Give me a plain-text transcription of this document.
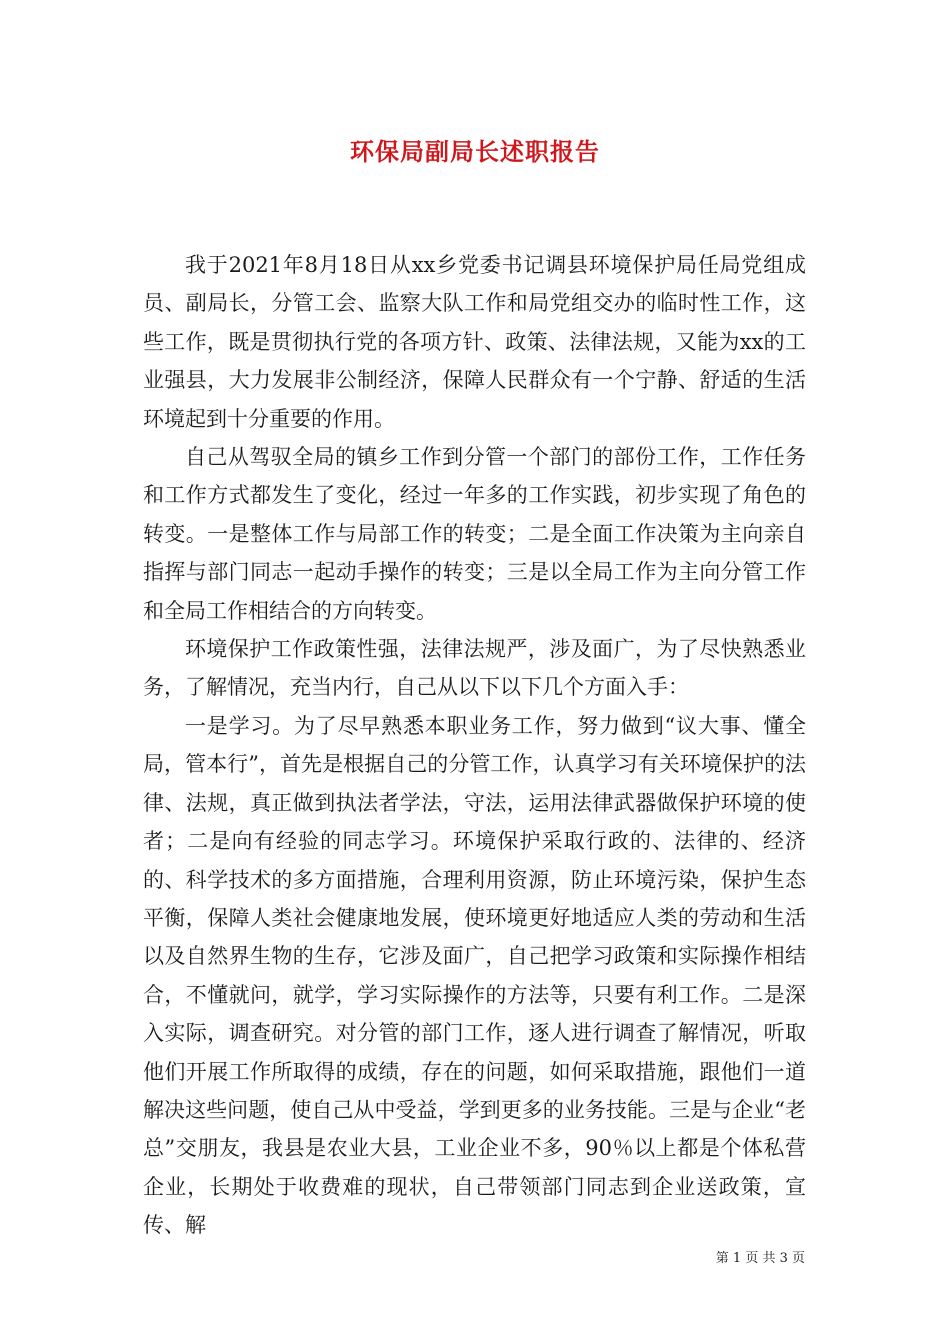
环保局副局长述职报告

我于2021年8月18日从xx乡党委书记调县环境保护局任局党组成员、副局长，分管工会、监察大队工作和局党组交办的临时性工作，这些工作，既是贯彻执行党的各项方针、政策、法律法规，又能为xx的工业强县，大力发展非公制经济，保障人民群众有一个宁静、舒适的生活环境起到十分重要的作用。

自己从驾驭全局的镇乡工作到分管一个部门的部份工作，工作任务和工作方式都发生了变化，经过一年多的工作实践，初步实现了角色的转变。一是整体工作与局部工作的转变；二是全面工作决策为主向亲自指挥与部门同志一起动手操作的转变；三是以全局工作为主向分管工作和全局工作相结合的方向转变。

环境保护工作政策性强，法律法规严，涉及面广，为了尽快熟悉业务，了解情况，充当内行，自己从以下以下几个方面入手：

一是学习。为了尽早熟悉本职业务工作，努力做到“议大事、懂全局，管本行”，首先是根据自己的分管工作，认真学习有关环境保护的法律、法规，真正做到执法者学法，守法，运用法律武器做保护环境的使者；二是向有经验的同志学习。环境保护采取行政的、法律的、经济的、科学技术的多方面措施，合理利用资源，防止环境污染，保护生态平衡，保障人类社会健康地发展，使环境更好地适应人类的劳动和生活以及自然界生物的生存，它涉及面广，自己把学习政策和实际操作相结合，不懂就问，就学，学习实际操作的方法等，只要有利工作。二是深入实际，调查研究。对分管的部门工作，逐人进行调查了解情况，听取他们开展工作所取得的成绩，存在的问题，如何采取措施，跟他们一道解决这些问题，使自己从中受益，学到更多的业务技能。三是与企业“老总”交朋友，我县是农业大县，工业企业不多，90％以上都是个体私营企业，长期处于收费难的现状，自己带领部门同志到企业送政策，宣传、解

第 1 页 共 3 页
